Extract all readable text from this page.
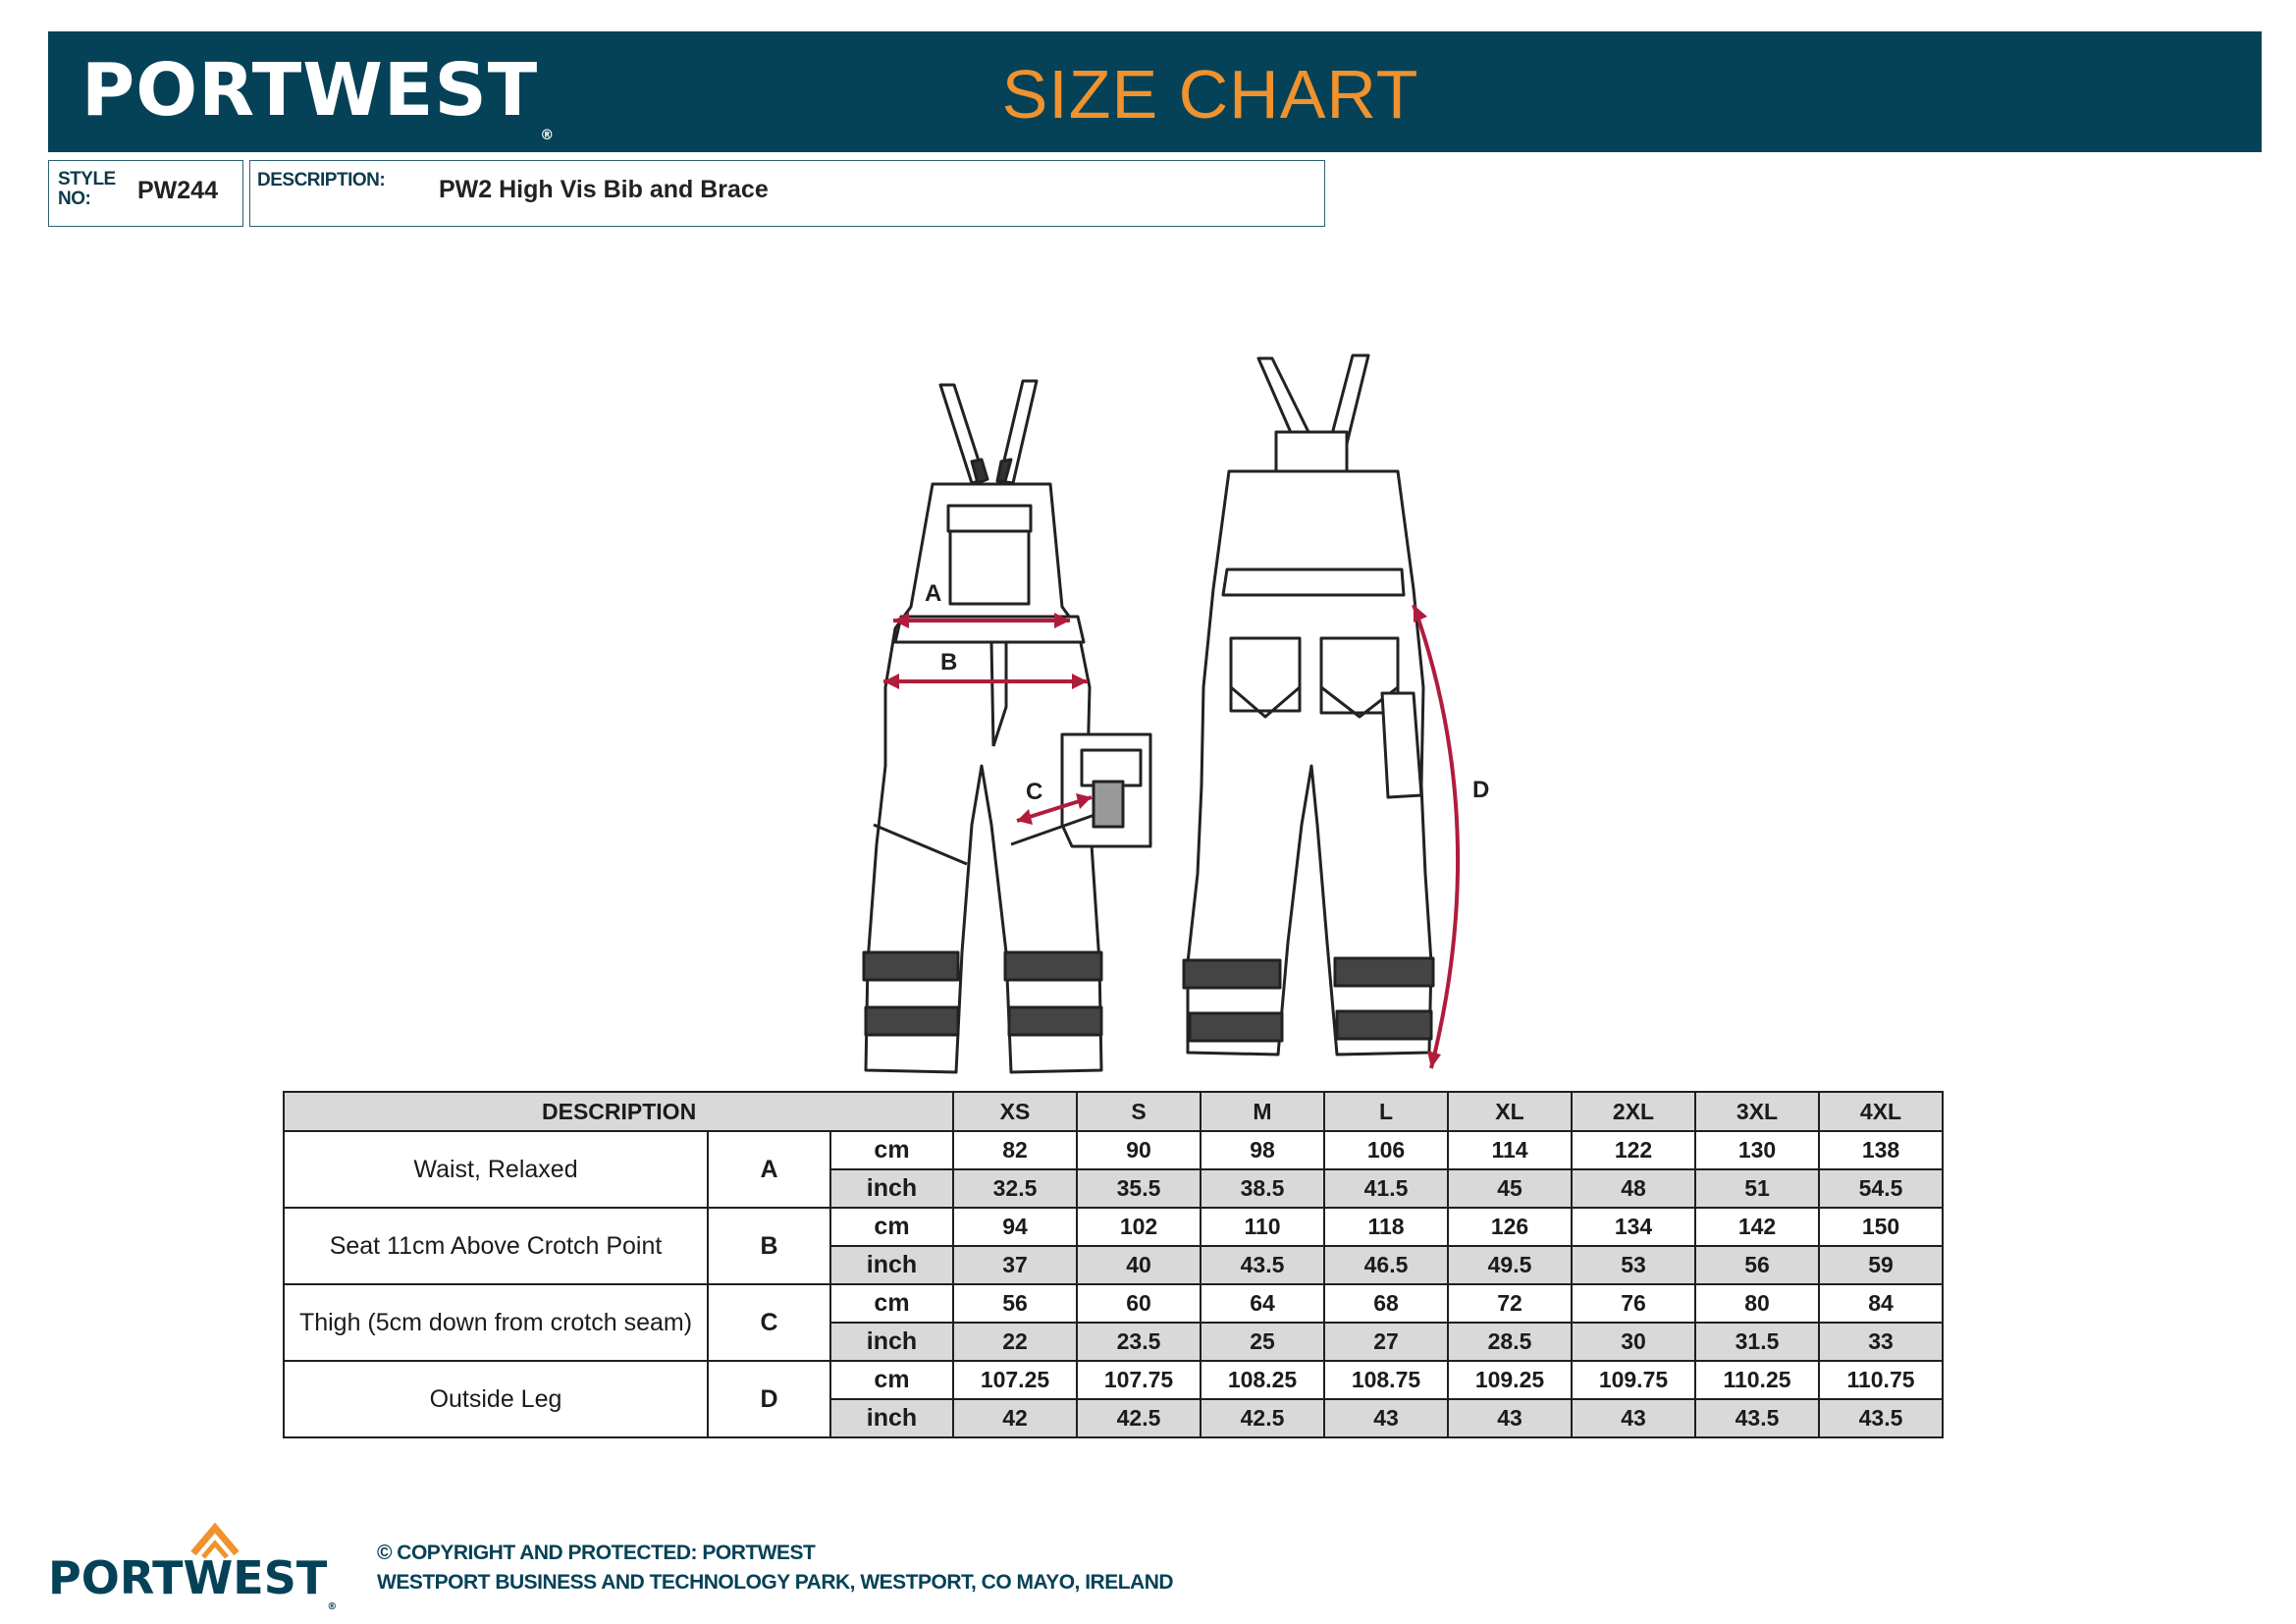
PORTWEST®
SIZE CHART
STYLE
NO:	PW244 DESCRIPTION: PW2 High Vis Bib and Brace
A
B
C	D
DESCRIPTION			XS	S	M	L	XL	2XL	3XL	4XL
Waist, Relaxed	A	cm	82	90	98	106	114	122	130	138
		inch	32.5	35.5	38.5	41.5	45	48	51	54.5
Seat 11cm Above Crotch Point	B	cm	94	102	110	118	126	134	142	150
		inch	37	40	43.5	46.5	49.5	53	56	59
Thigh (5cm down from crotch seam)	C	cm	56	60	64	68	72	76	80	84
		inch	22	23.5	25	27	28.5	30	31.5	33
Outside Leg	D	cm	107.25	107.75	108.25	108.75	109.25	109.75	110.25	110.75
		inch	42	42.5	42.5	43	43	43	43.5	43.5
PORTWEST®
© COPYRIGHT AND PROTECTED: PORTWEST
WESTPORT BUSINESS AND TECHNOLOGY PARK, WESTPORT, CO MAYO, IRELAND
